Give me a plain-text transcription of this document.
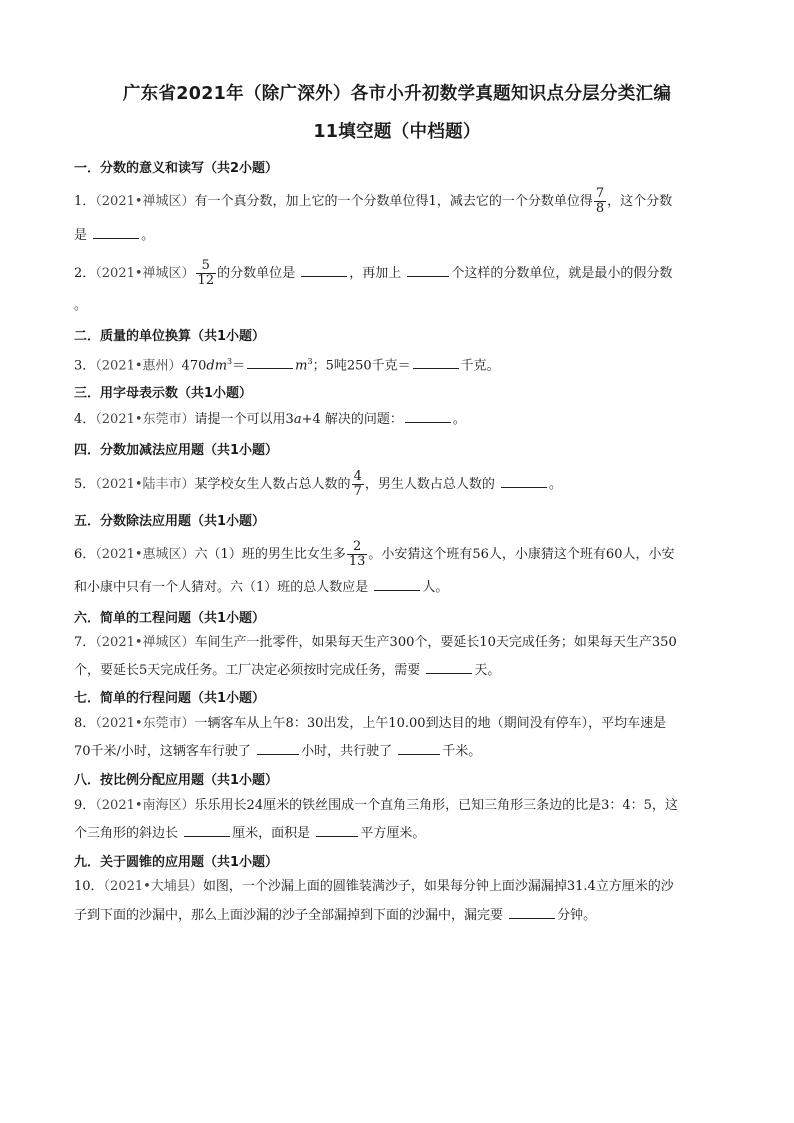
广东省2021年（除广深外）各市小升初数学真题知识点分层分类汇编
11填空题（中档题）
一．分数的意义和读写（共2小题）
1．（2021•禅城区）有一个真分数，加上它的一个分数单位得1，减去它的一个分数单位得 $\frac{7}{8}$ ，这个分数
是	。
2．（2021•禅城区） $\frac{5}{12}$ 的分数单位是	，再加上	个这样的分数单位，就是最小的假分数
。
二．质量的单位换算（共1小题）
3．（2021•惠州）$470dm^3=$	$m^3$；5吨250千克＝	千克。
三．用字母表示数（共1小题）
4．（2021•东莞市）请提一个可以用3a+4 解决的问题：	。
四．分数加减法应用题（共1小题）
5．（2021•陆丰市）某学校女生人数占总人数的 $\frac{4}{7}$ ，男生人数占总人数的	。
五．分数除法应用题（共1小题）
6．（2021•惠城区）六（1）班的男生比女生多 $\frac{2}{13}$ 。小安猜这个班有56人，小康猜这个班有60人，小安
和小康中只有一个人猜对。六（1）班的总人数应是	人。
六．简单的工程问题（共1小题）
7．（2021•禅城区）车间生产一批零件，如果每天生产300个，要延长10天完成任务；如果每天生产350
个，要延长5天完成任务。工厂决定必须按时完成任务，需要	天。
七．简单的行程问题（共1小题）
8．（2021•东莞市）一辆客车从上午8：30出发，上午10.00到达目的地（期间没有停车），平均车速是
70千米/小时，这辆客车行驶了	小时，共行驶了	千米。
八．按比例分配应用题（共1小题）
9．（2021•南海区）乐乐用长24厘米的铁丝围成一个直角三角形，已知三角形三条边的比是3：4：5，这
个三角形的斜边长	厘米，面积是	平方厘米。
九．关于圆锥的应用题（共1小题）
10．（2021•大埔县）如图，一个沙漏上面的圆锥装满沙子，如果每分钟上面沙漏漏掉31.4立方厘米的沙
子到下面的沙漏中，那么上面沙漏的沙子全部漏掉到下面的沙漏中，漏完要	分钟。
